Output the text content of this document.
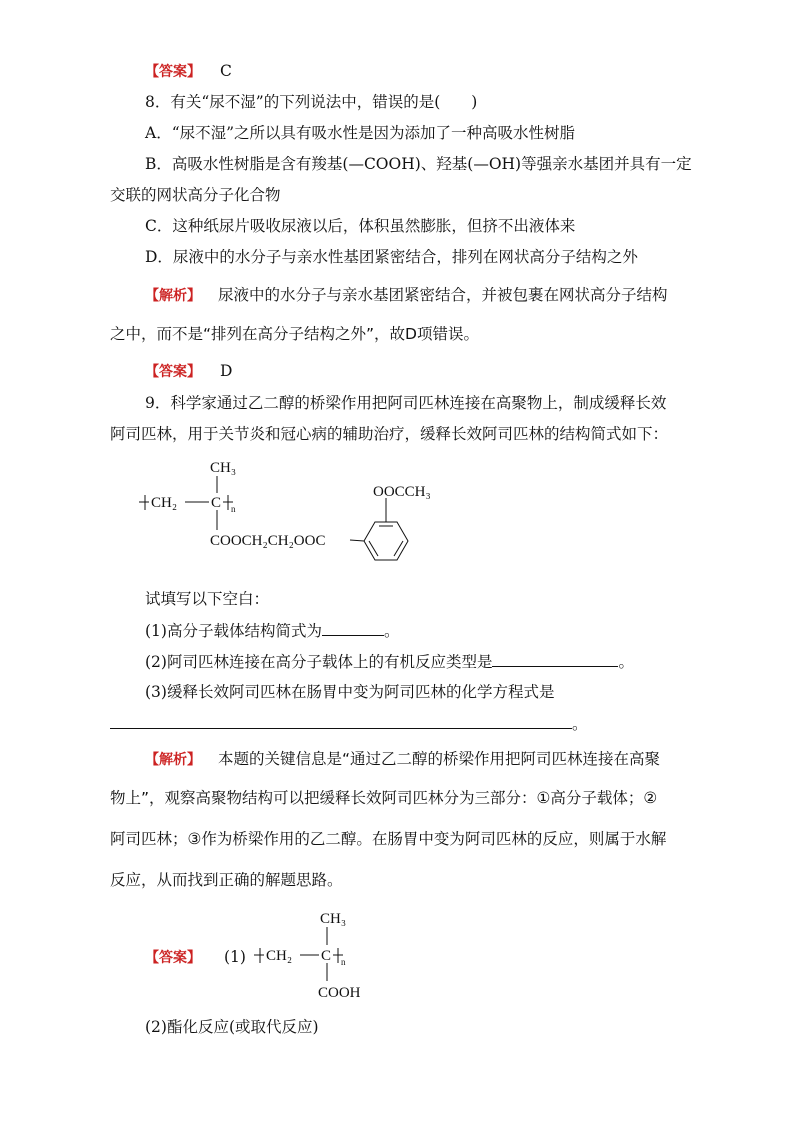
【答案】 C
8．有关“尿不湿”的下列说法中，错误的是(　　)
A．“尿不湿”之所以具有吸水性是因为添加了一种高吸水性树脂
B．高吸水性树脂是含有羧基(—COOH)、羟基(—OH)等强亲水基团并具有一定
交联的网状高分子化合物
C．这种纸尿片吸收尿液以后，体积虽然膨胀，但挤不出液体来
D．尿液中的水分子与亲水性基团紧密结合，排列在网状高分子结构之外
【解析】 尿液中的水分子与亲水基团紧密结合，并被包裹在网状高分子结构
之中，而不是“排列在高分子结构之外”，故D项错误。
【答案】 D
9．科学家通过乙二醇的桥梁作用把阿司匹林连接在高聚物上，制成缓释长效
阿司匹林，用于关节炎和冠心病的辅助治疗，缓释长效阿司匹林的结构简式如下：
CH₃
CH₂ C n
COOCH₂CH₂OOC
OOCCH₃
试填写以下空白：
(1)高分子载体结构简式为	。
(2)阿司匹林连接在高分子载体上的有机反应类型是	。
(3)缓释长效阿司匹林在肠胃中变为阿司匹林的化学方程式是
。
【解析】 本题的关键信息是“通过乙二醇的桥梁作用把阿司匹林连接在高聚
物上”，观察高聚物结构可以把缓释长效阿司匹林分为三部分：①高分子载体；②
阿司匹林；③作为桥梁作用的乙二醇。在肠胃中变为阿司匹林的反应，则属于水解
反应，从而找到正确的解题思路。
【答案】 (1)
CH₃
CH₂ C n
COOH
(2)酯化反应(或取代反应)
